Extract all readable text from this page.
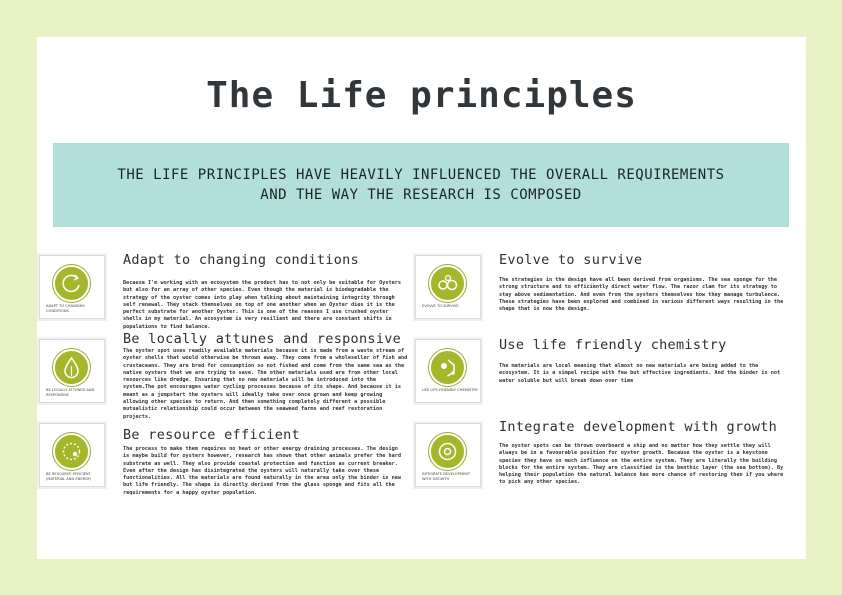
The Life principles
THE LIFE PRINCIPLES HAVE HEAVILY INFLUENCED THE OVERALL REQUIREMENTS AND THE WAY THE RESEARCH IS COMPOSED
ADAPT TO CHANGING CONDITIONS
Adapt to changing conditions

Because I'm working with an ecosystem the product has to not only be suitable for Oysters but also for an array of other species. Even though the material is biodegradable the strategy of the oyster comes into play when talking about maintaining integrity through self renewal. They stack themselves on top of one another when an Oyster dies it is the perfect substrate for another Oyster. This is one of the reasons I use crushed oyster shells in my material. An ecosystem is very resilient and there are constant shifts in populations to find balance.

BE LOCALLY ATTUNED AND RESPONSIVE
Be locally attunes and responsive

The oyster spot uses readily available materials because it is made from a waste stream of oyster shells that would otherwise be thrown away. They come from a wholeseller of fish and crustaceans. They are bred for consumption so not fished and come from the same sea as the native oysters that we are trying to save. The other materials used are from other local resources like dredge. Ensuring that no new materials will be introduced into the system.The pot encourages water cycling processes because of its shape. And because it is meant as a jumpstart the oysters will ideally take over once grown and keep growing allowing other species to return. And then something completely different a possible mutualistic relationship could occur between the seaweed farms and reef restoration projects.

BE RESOURCE EFFICIENT (MATERIAL AND ENERGY)
Be resource efficient

The process to make them requires no heat or other energy draining processes. The design is maybe build for oysters however, research has shown that other animals prefer the hard substrate as well. They also provide coastal protection and function as current breaker. Even after the design has disintegrated the oysters will naturally take over these functionalities. All the materials are found naturally in the area only the binder is new but life friendly. The shape is directly derived from the glass sponge and fits all the requirements for a happy oyster population.

EVOLVE TO SURVIVE
Evolve to survive

The strategies in the design have all been derived from organisms. The sea sponge for the strong structure and to efficiently direct water flow. The razor clam for its strategy to stay above sedimentation. And even from the oysters themselves how they manage turbulence. These strategies have been explored and combined in various different ways resulting in the shape that is now the design.

USE LIFE-FRIENDLY CHEMISTRY
Use life friendly chemistry

The materials are local meaning that almost no new materials are being added to the ecosystem. It is a simpel recipe with few but effective ingredients. And the binder is not water soluble but will break down over time

INTEGRATE DEVELOPMENT WITH GROWTH
Integrate development with growth

The oyster spots can be thrown overboard a ship and no matter how they settle they will always be in a favourable position for oyster growth. Because the oyster is a keystone species they have so much influence on the entire system. They are literally the building blocks for the entire system. They are classified in the benthic layer (the sea bottom). By helping their population the natural balance has more chance of restoring then if you where to pick any other species.
